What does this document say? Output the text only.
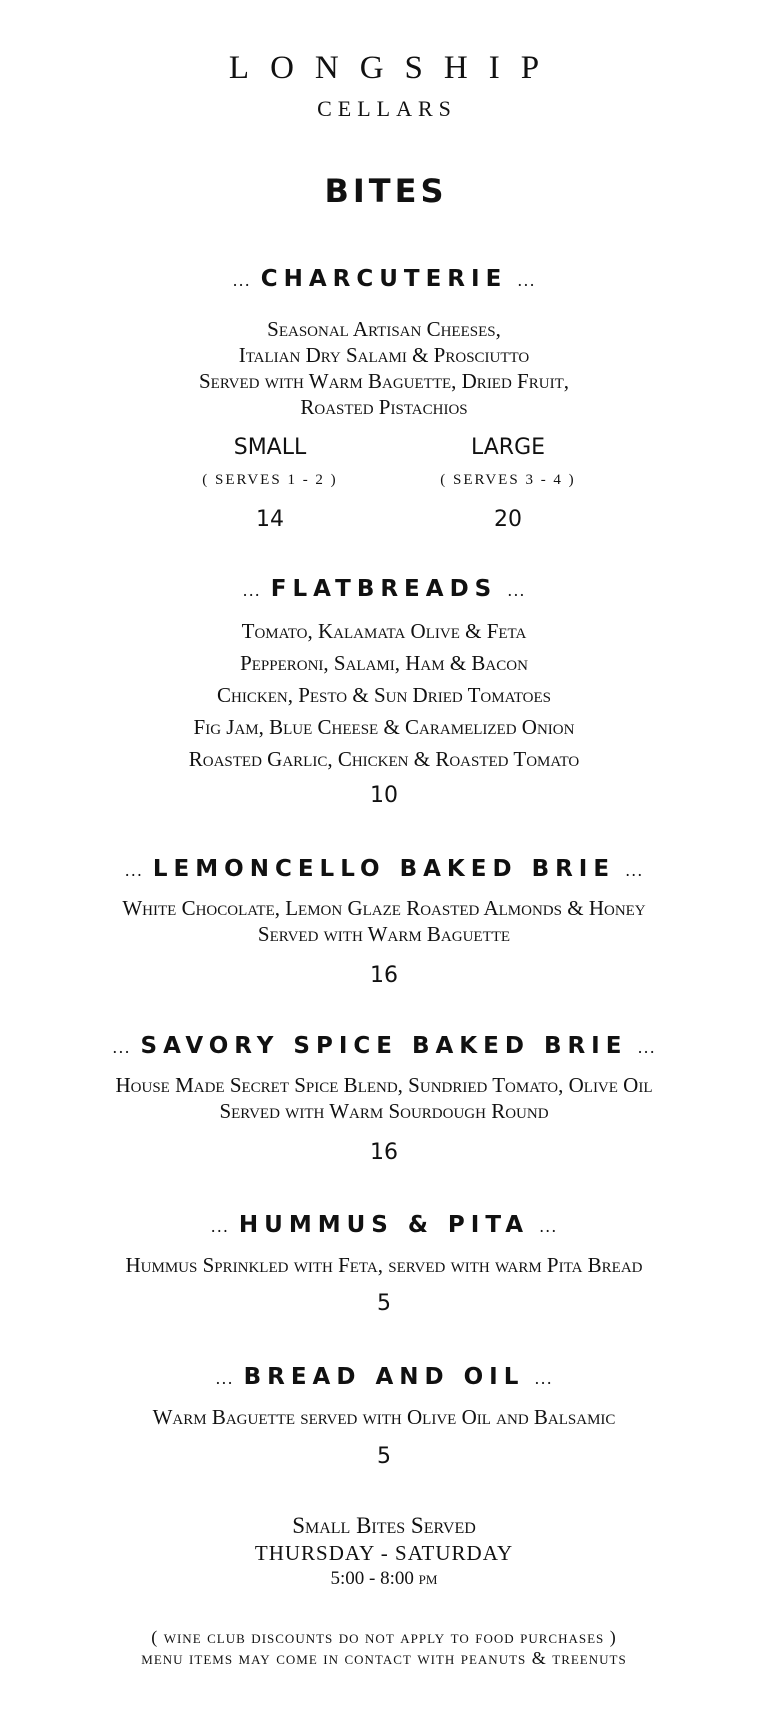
LONGSHIP
CELLARS
BITES
... CHARCUTERIE ...
Seasonal Artisan Cheeses,
Italian Dry Salami & Prosciutto
Served with Warm Baguette, Dried Fruit,
Roasted Pistachios
SMALL
( SERVES 1 - 2 )
14
LARGE
( SERVES 3 - 4 )
20
... FLATBREADS ...
Tomato, Kalamata Olive & Feta
Pepperoni, Salami, Ham & Bacon
Chicken, Pesto & Sun Dried Tomatoes
Fig Jam, Blue Cheese & Caramelized Onion
Roasted Garlic, Chicken & Roasted Tomato
10
... LEMONCELLO BAKED BRIE ...
White Chocolate, Lemon Glaze Roasted Almonds & Honey
Served with Warm Baguette
16
... SAVORY SPICE BAKED BRIE ...
House Made Secret Spice Blend, Sundried Tomato, Olive Oil
Served with Warm Sourdough Round
16
... HUMMUS & PITA ...
Hummus Sprinkled with Feta, served with warm Pita Bread
5
... BREAD AND OIL ...
Warm Baguette served with Olive Oil and Balsamic
5
Small Bites Served
THURSDAY - SATURDAY
5:00 - 8:00 pm
( wine club discounts do not apply to food purchases )
menu items may come in contact with peanuts & treenuts
